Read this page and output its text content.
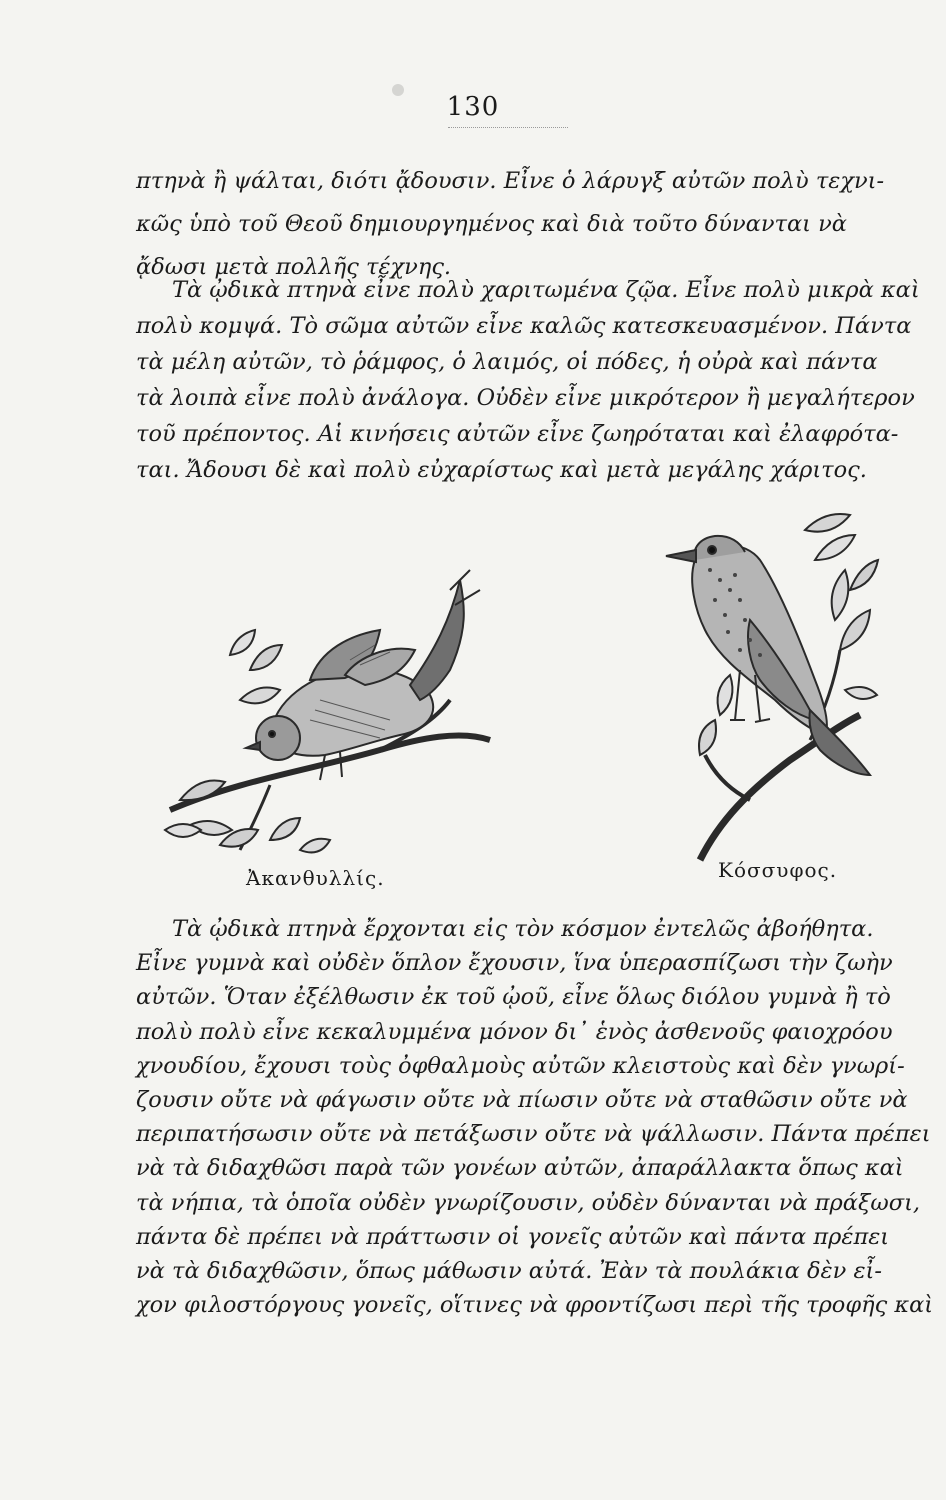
130
πτηνὰ ἢ ψάλται, διότι ᾄδουσιν. Εἶνε ὁ λάρυγξ αὐτῶν πολὺ τεχνι-
κῶς ὑπὸ τοῦ Θεοῦ δημιουργημένος καὶ διὰ τοῦτο δύνανται νὰ
ᾄδωσι μετὰ πολλῆς τέχνης.
Τὰ ᾠδικὰ πτηνὰ εἶνε πολὺ χαριτωμένα ζῷα. Εἶνε πολὺ μικρὰ καὶ
πολὺ κομψά. Τὸ σῶμα αὐτῶν εἶνε καλῶς κατεσκευασμένον. Πάντα
τὰ μέλη αὐτῶν, τὸ ῥάμφος, ὁ λαιμός, οἱ πόδες, ἡ οὐρὰ καὶ πάντα
τὰ λοιπὰ εἶνε πολὺ ἀνάλογα. Οὐδὲν εἶνε μικρότερον ἢ μεγαλήτερον
τοῦ πρέποντος. Αἱ κινήσεις αὐτῶν εἶνε ζωηρόταται καὶ ἐλαφρότα-
ται. Ἄδουσι δὲ καὶ πολὺ εὐχαρίστως καὶ μετὰ μεγάλης χάριτος.
Ἀκανθυλλίς.	Κόσσυφος.
Τὰ ᾠδικὰ πτηνὰ ἔρχονται εἰς τὸν κόσμον ἐντελῶς ἀβοήθητα.
Εἶνε γυμνὰ καὶ οὐδὲν ὅπλον ἔχουσιν, ἵνα ὑπερασπίζωσι τὴν ζωὴν
αὐτῶν. Ὅταν ἐξέλθωσιν ἐκ τοῦ ᾠοῦ, εἶνε ὅλως διόλου γυμνὰ ἢ τὸ
πολὺ πολὺ εἶνε κεκαλυμμένα μόνον δι᾽ ἑνὸς ἀσθενοῦς φαιοχρόου
χνουδίου, ἔχουσι τοὺς ὀφθαλμοὺς αὐτῶν κλειστοὺς καὶ δὲν γνωρί-
ζουσιν οὔτε νὰ φάγωσιν οὔτε νὰ πίωσιν οὔτε νὰ σταθῶσιν οὔτε νὰ
περιπατήσωσιν οὔτε νὰ πετάξωσιν οὔτε νὰ ψάλλωσιν. Πάντα πρέπει
νὰ τὰ διδαχθῶσι παρὰ τῶν γονέων αὐτῶν, ἀπαράλλακτα ὅπως καὶ
τὰ νήπια, τὰ ὁποῖα οὐδὲν γνωρίζουσιν, οὐδὲν δύνανται νὰ πράξωσι,
πάντα δὲ πρέπει νὰ πράττωσιν οἱ γονεῖς αὐτῶν καὶ πάντα πρέπει
νὰ τὰ διδαχθῶσιν, ὅπως μάθωσιν αὐτά. Ἐὰν τὰ πουλάκια δὲν εἶ-
χον φιλοστόργους γονεῖς, οἵτινες νὰ φροντίζωσι περὶ τῆς τροφῆς καὶ
